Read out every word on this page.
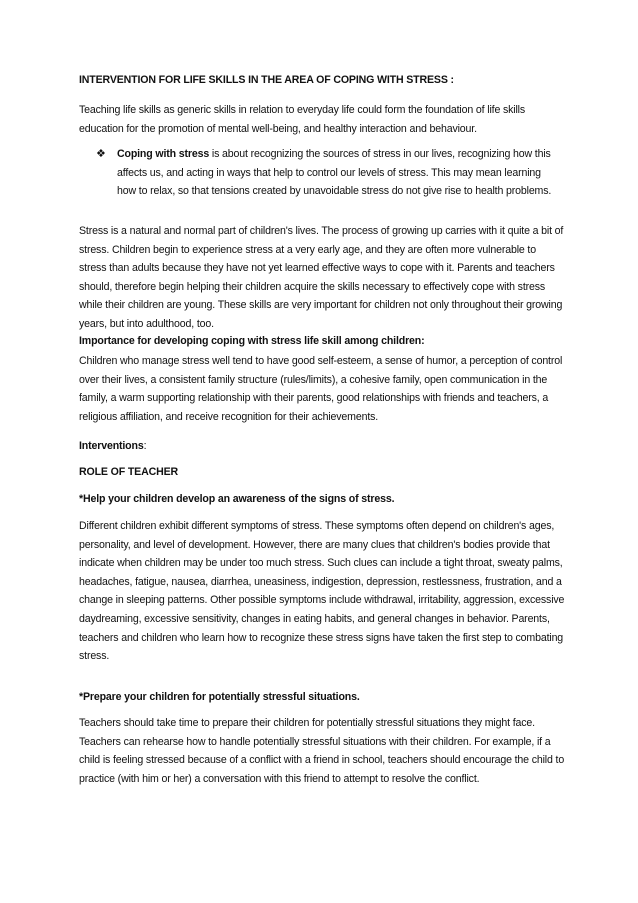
INTERVENTION FOR LIFE SKILLS IN THE AREA OF COPING WITH STRESS :

Teaching life skills as generic skills in relation to everyday life could form the foundation of life skills education for the promotion of mental well-being, and healthy interaction and behaviour.

❖ Coping with stress is about recognizing the sources of stress in our lives, recognizing how this affects us, and acting in ways that help to control our levels of stress. This may mean learning how to relax, so that tensions created by unavoidable stress do not give rise to health problems.

Stress is a natural and normal part of children's lives. The process of growing up carries with it quite a bit of stress. Children begin to experience stress at a very early age, and they are often more vulnerable to stress than adults because they have not yet learned effective ways to cope with it. Parents and teachers should, therefore begin helping their children acquire the skills necessary to effectively cope with stress while their children are young. These skills are very important for children not only throughout their growing years, but into adulthood, too.

Importance for developing coping with stress life skill among children:

Children who manage stress well tend to have good self-esteem, a sense of humor, a perception of control over their lives, a consistent family structure (rules/limits), a cohesive family, open communication in the family, a warm supporting relationship with their parents, good relationships with friends and teachers, a religious affiliation, and receive recognition for their achievements.

Interventions:

ROLE OF TEACHER

*Help your children develop an awareness of the signs of stress.

Different children exhibit different symptoms of stress. These symptoms often depend on children's ages, personality, and level of development. However, there are many clues that children's bodies provide that indicate when children may be under too much stress. Such clues can include a tight throat, sweaty palms, headaches, fatigue, nausea, diarrhea, uneasiness, indigestion, depression, restlessness, frustration, and a change in sleeping patterns. Other possible symptoms include withdrawal, irritability, aggression, excessive daydreaming, excessive sensitivity, changes in eating habits, and general changes in behavior. Parents, teachers and children who learn how to recognize these stress signs have taken the first step to combating stress.

*Prepare your children for potentially stressful situations.

Teachers should take time to prepare their children for potentially stressful situations they might face. Teachers can rehearse how to handle potentially stressful situations with their children. For example, if a child is feeling stressed because of a conflict with a friend in school, teachers should encourage the child to practice (with him or her) a conversation with this friend to attempt to resolve the conflict.
